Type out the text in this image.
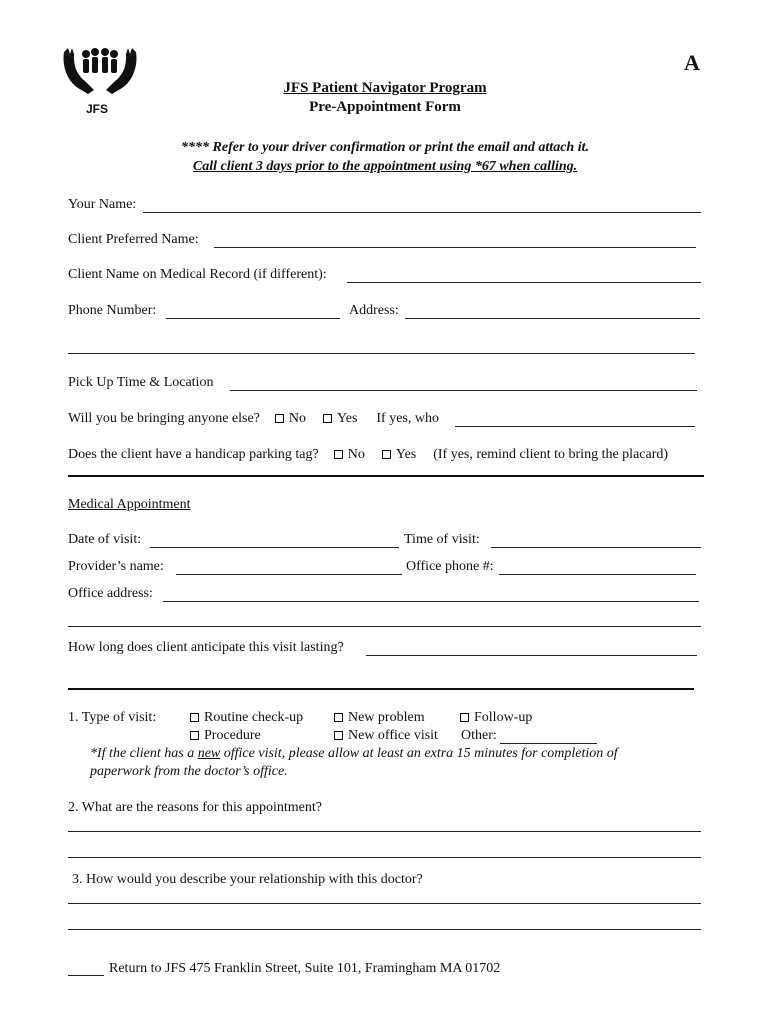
JFS
A
JFS Patient Navigator Program
Pre-Appointment Form
**** Refer to your driver confirmation or print the email and attach it.
Call client 3 days prior to the appointment using *67 when calling.
Your Name:
Client Preferred Name:
Client Name on Medical Record (if different):
Phone Number:	Address:
Pick Up Time & Location
Will you be bringing anyone else? No Yes If yes, who
Does the client have a handicap parking tag? No Yes (If yes, remind client to bring the placard)
Medical Appointment
Date of visit:	Time of visit:
Provider’s name:	Office phone #:
Office address:
How long does client anticipate this visit lasting?
1. Type of visit:	Routine check-up	New problem	Follow-up
Procedure	New office visit Other:
*If the client has a new office visit, please allow at least an extra 15 minutes for completion of
paperwork from the doctor’s office.
2. What are the reasons for this appointment?
3. How would you describe your relationship with this doctor?
Return to JFS 475 Franklin Street, Suite 101, Framingham MA 01702
